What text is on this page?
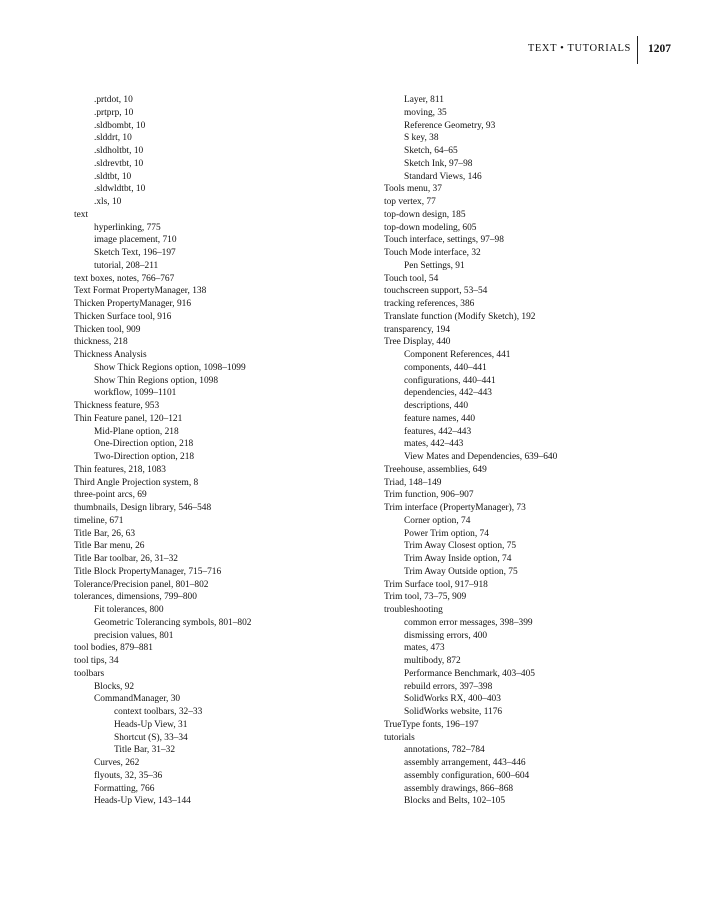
TEXT • TUTORIALS 1207
.prtdot, 10
.prtprp, 10
.sldbombt, 10
.slddrt, 10
.sldholtbt, 10
.sldrevtbt, 10
.sldtbt, 10
.sldwldtbt, 10
.xls, 10
text
hyperlinking, 775
image placement, 710
Sketch Text, 196–197
tutorial, 208–211
text boxes, notes, 766–767
Text Format PropertyManager, 138
Thicken PropertyManager, 916
Thicken Surface tool, 916
Thicken tool, 909
thickness, 218
Thickness Analysis
Show Thick Regions option, 1098–1099
Show Thin Regions option, 1098
workflow, 1099–1101
Thickness feature, 953
Thin Feature panel, 120–121
Mid-Plane option, 218
One-Direction option, 218
Two-Direction option, 218
Thin features, 218, 1083
Third Angle Projection system, 8
three-point arcs, 69
thumbnails, Design library, 546–548
timeline, 671
Title Bar, 26, 63
Title Bar menu, 26
Title Bar toolbar, 26, 31–32
Title Block PropertyManager, 715–716
Tolerance/Precision panel, 801–802
tolerances, dimensions, 799–800
Fit tolerances, 800
Geometric Tolerancing symbols, 801–802
precision values, 801
tool bodies, 879–881
tool tips, 34
toolbars
Blocks, 92
CommandManager, 30
context toolbars, 32–33
Heads-Up View, 31
Shortcut (S), 33–34
Title Bar, 31–32
Curves, 262
flyouts, 32, 35–36
Formatting, 766
Heads-Up View, 143–144
Layer, 811
moving, 35
Reference Geometry, 93
S key, 38
Sketch, 64–65
Sketch Ink, 97–98
Standard Views, 146
Tools menu, 37
top vertex, 77
top-down design, 185
top-down modeling, 605
Touch interface, settings, 97–98
Touch Mode interface, 32
Pen Settings, 91
Touch tool, 54
touchscreen support, 53–54
tracking references, 386
Translate function (Modify Sketch), 192
transparency, 194
Tree Display, 440
Component References, 441
components, 440–441
configurations, 440–441
dependencies, 442–443
descriptions, 440
feature names, 440
features, 442–443
mates, 442–443
View Mates and Dependencies, 639–640
Treehouse, assemblies, 649
Triad, 148–149
Trim function, 906–907
Trim interface (PropertyManager), 73
Corner option, 74
Power Trim option, 74
Trim Away Closest option, 75
Trim Away Inside option, 74
Trim Away Outside option, 75
Trim Surface tool, 917–918
Trim tool, 73–75, 909
troubleshooting
common error messages, 398–399
dismissing errors, 400
mates, 473
multibody, 872
Performance Benchmark, 403–405
rebuild errors, 397–398
SolidWorks RX, 400–403
SolidWorks website, 1176
TrueType fonts, 196–197
tutorials
annotations, 782–784
assembly arrangement, 443–446
assembly configuration, 600–604
assembly drawings, 866–868
Blocks and Belts, 102–105
